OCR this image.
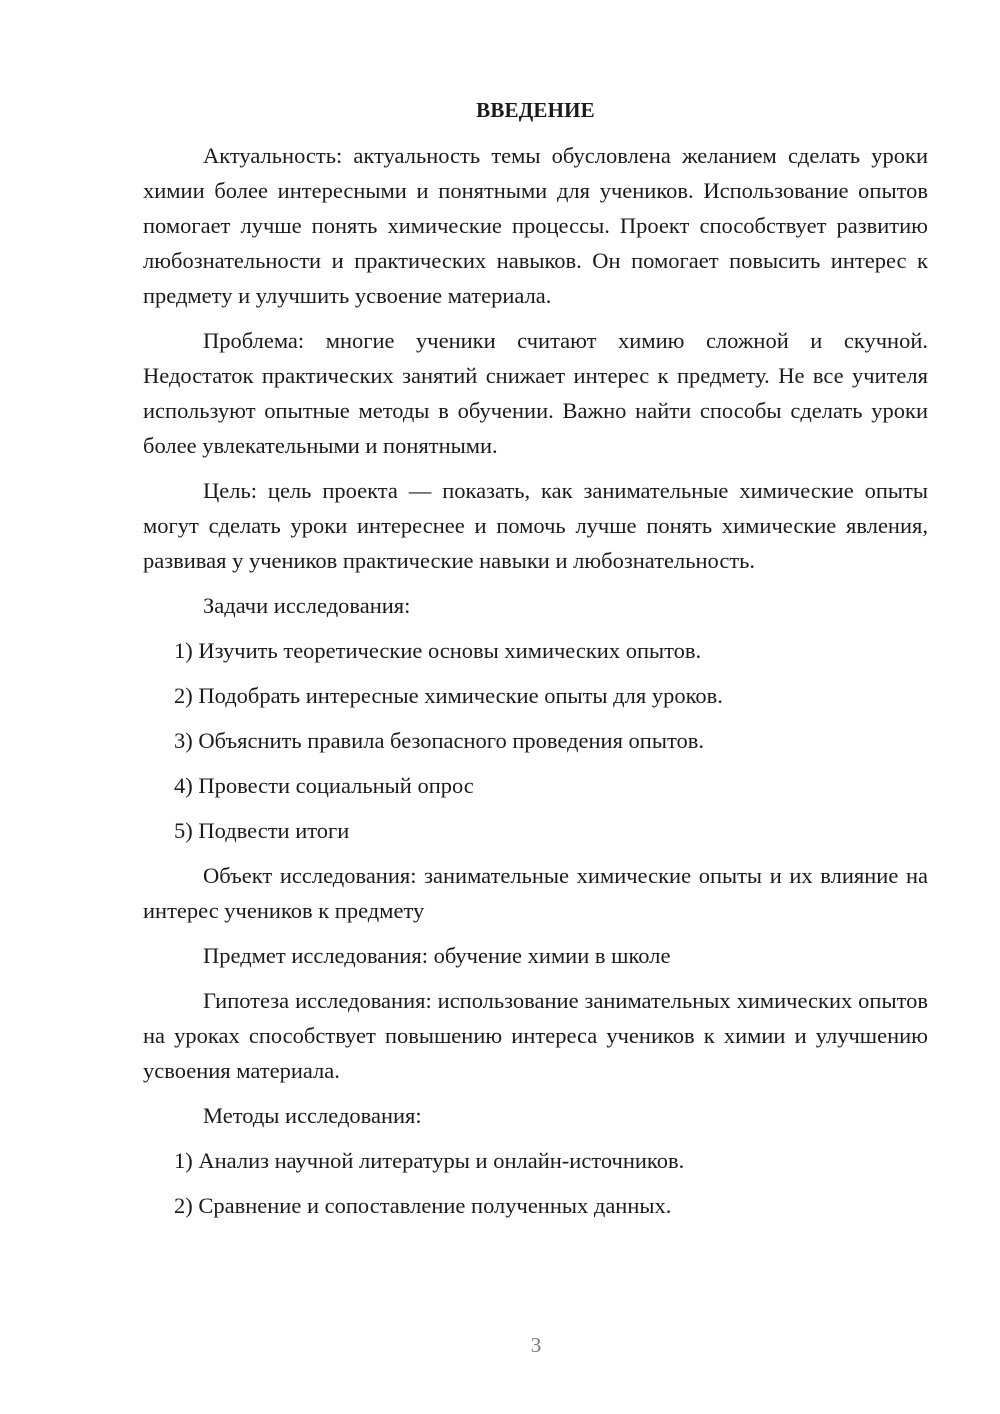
ВВЕДЕНИЕ

Актуальность: актуальность темы обусловлена желанием сделать уроки химии более интересными и понятными для учеников. Использование опытов помогает лучше понять химические процессы. Проект способствует развитию любознательности и практических навыков. Он помогает повысить интерес к предмету и улучшить усвоение материала.

Проблема: многие ученики считают химию сложной и скучной. Недостаток практических занятий снижает интерес к предмету. Не все учителя используют опытные методы в обучении. Важно найти способы сделать уроки более увлекательными и понятными.

Цель: цель проекта — показать, как занимательные химические опыты могут сделать уроки интереснее и помочь лучше понять химические явления, развивая у учеников практические навыки и любознательность.

Задачи исследования:
1) Изучить теоретические основы химических опытов.
2) Подобрать интересные химические опыты для уроков.
3) Объяснить правила безопасного проведения опытов.
4) Провести социальный опрос
5) Подвести итоги

Объект исследования: занимательные химические опыты и их влияние на интерес учеников к предмету

Предмет исследования: обучение химии в школе

Гипотеза исследования: использование занимательных химических опытов на уроках способствует повышению интереса учеников к химии и улучшению усвоения материала.

Методы исследования:
1) Анализ научной литературы и онлайн-источников.
2) Сравнение и сопоставление полученных данных.
3
